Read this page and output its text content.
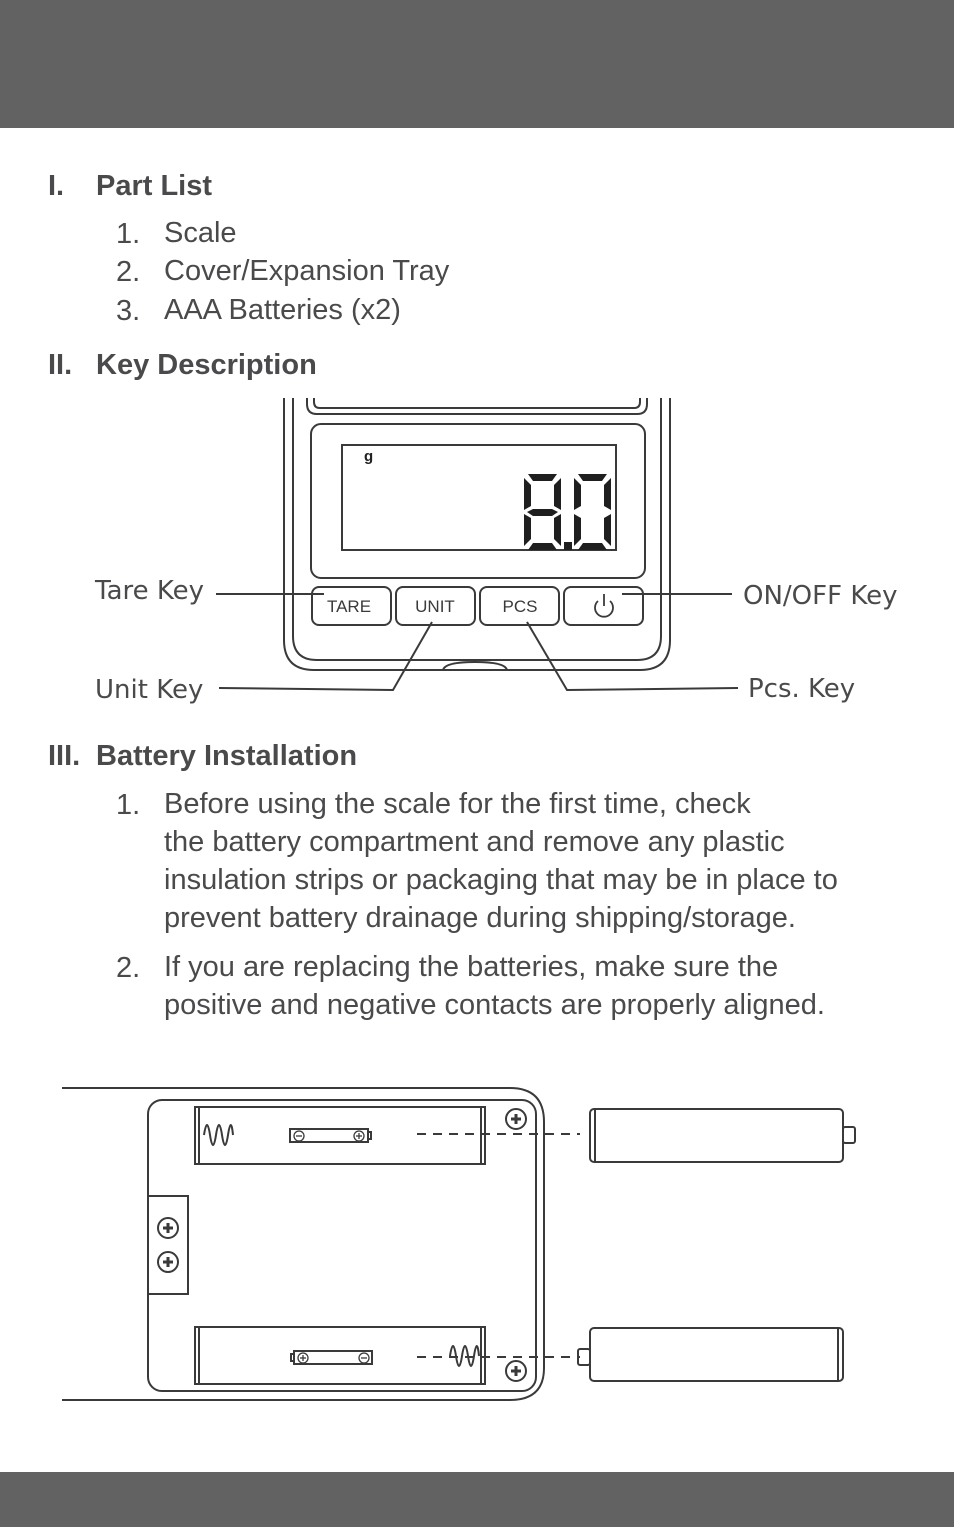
I. Part List
1. Scale
2. Cover/Expansion Tray
3. AAA Batteries (x2)
II. Key Description
g
TARE	UNIT	PCS
Tare Key
Unit Key
ON/OFF Key
Pcs. Key
III. Battery Installation
1. Before using the scale for the first time, check
the battery compartment and remove any plastic
insulation strips or packaging that may be in place to
prevent battery drainage during shipping/storage.
2. If you are replacing the batteries, make sure the
positive and negative contacts are properly aligned.
